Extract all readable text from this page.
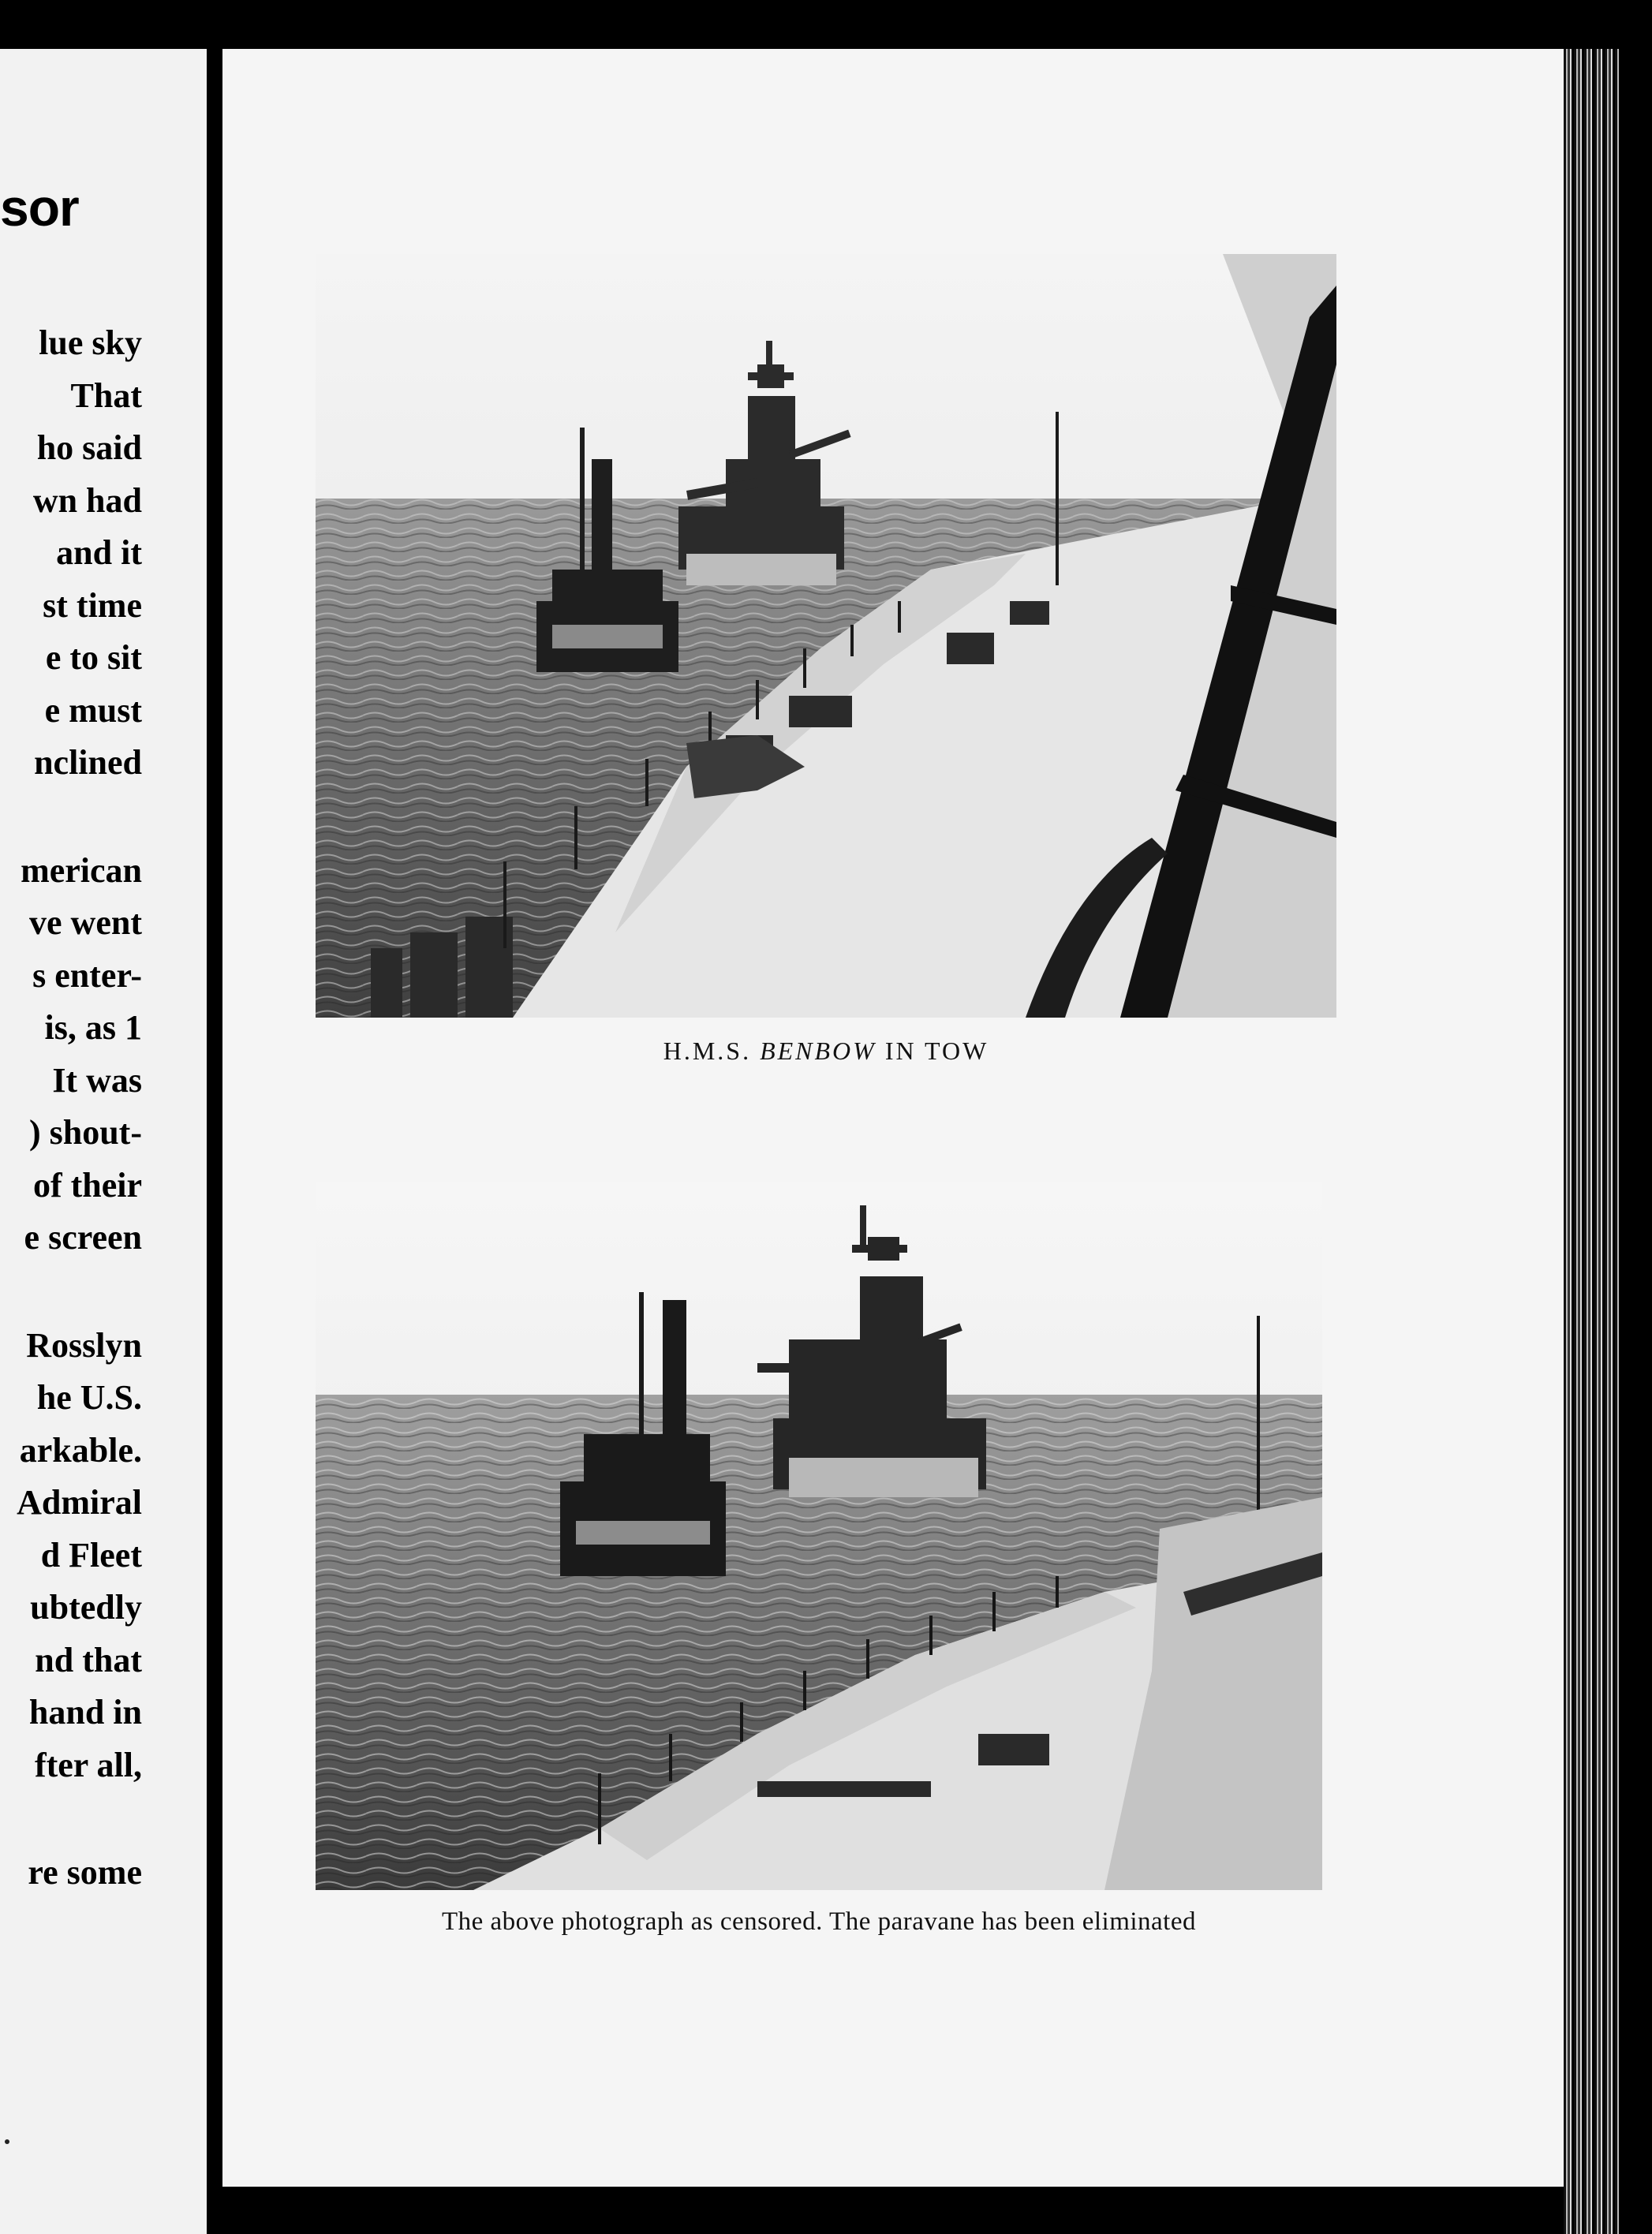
sor
lue sky
That
ho said
wn had
and it
st time
e to sit
e must
nclined
merican
ve went
s enter-
is, as 1
It was
) shout-
of their
e screen
Rosslyn
he U.S.
arkable.
Admiral
d Fleet
ubtedly
nd that
hand in
fter all,
re some
H.M.S. BENBOW IN TOW
The above photograph as censored. The paravane has been eliminated
